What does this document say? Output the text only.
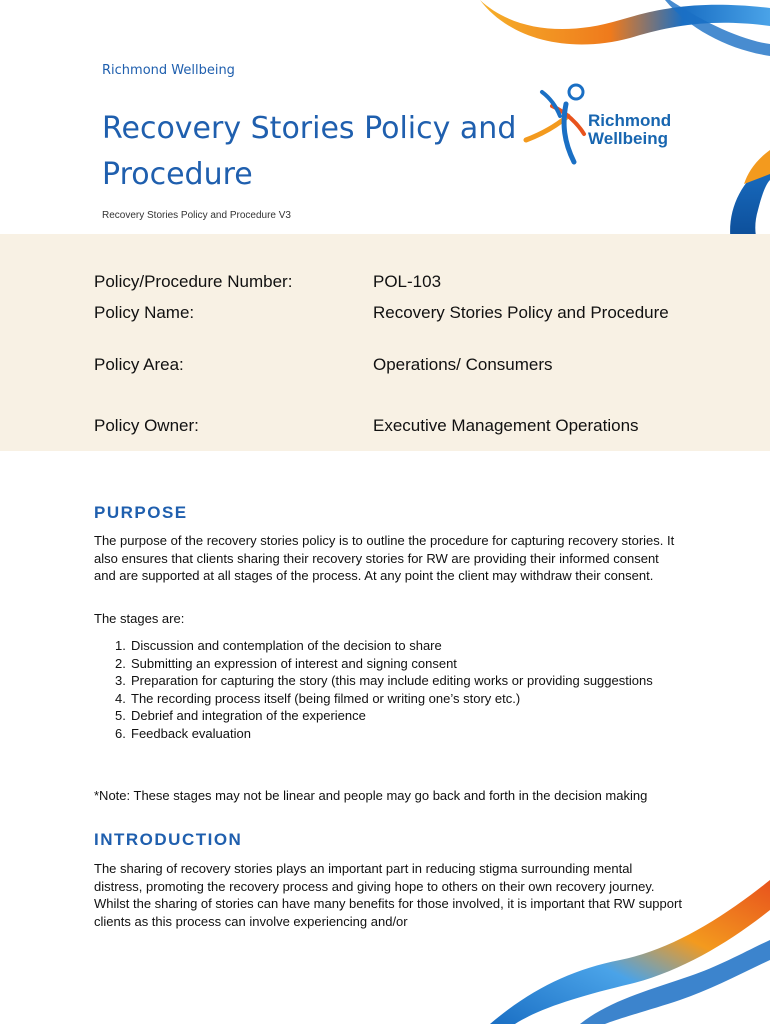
Richmond Wellbeing
Recovery Stories Policy and Procedure
Recovery Stories Policy and Procedure V3
Richmond
Wellbeing
Policy/Procedure Number:	POL-103
Policy Name:	Recovery Stories Policy and Procedure
Policy Area:	Operations/ Consumers
Policy Owner:	Executive Management Operations
PURPOSE

The purpose of the recovery stories policy is to outline the procedure for capturing recovery stories. It also ensures that clients sharing their recovery stories for RW are providing their informed consent and are supported at all stages of the process. At any point the client may withdraw their consent.

The stages are:

1. Discussion and contemplation of the decision to share
2. Submitting an expression of interest and signing consent
3. Preparation for capturing the story (this may include editing works or providing suggestions
4. The recording process itself (being filmed or writing one’s story etc.)
5. Debrief and integration of the experience
6. Feedback evaluation

*Note: These stages may not be linear and people may go back and forth in the decision making

INTRODUCTION

The sharing of recovery stories plays an important part in reducing stigma surrounding mental distress, promoting the recovery process and giving hope to others on their own recovery journey. Whilst the sharing of stories can have many benefits for those involved, it is important that RW support clients as this process can involve experiencing and/or
